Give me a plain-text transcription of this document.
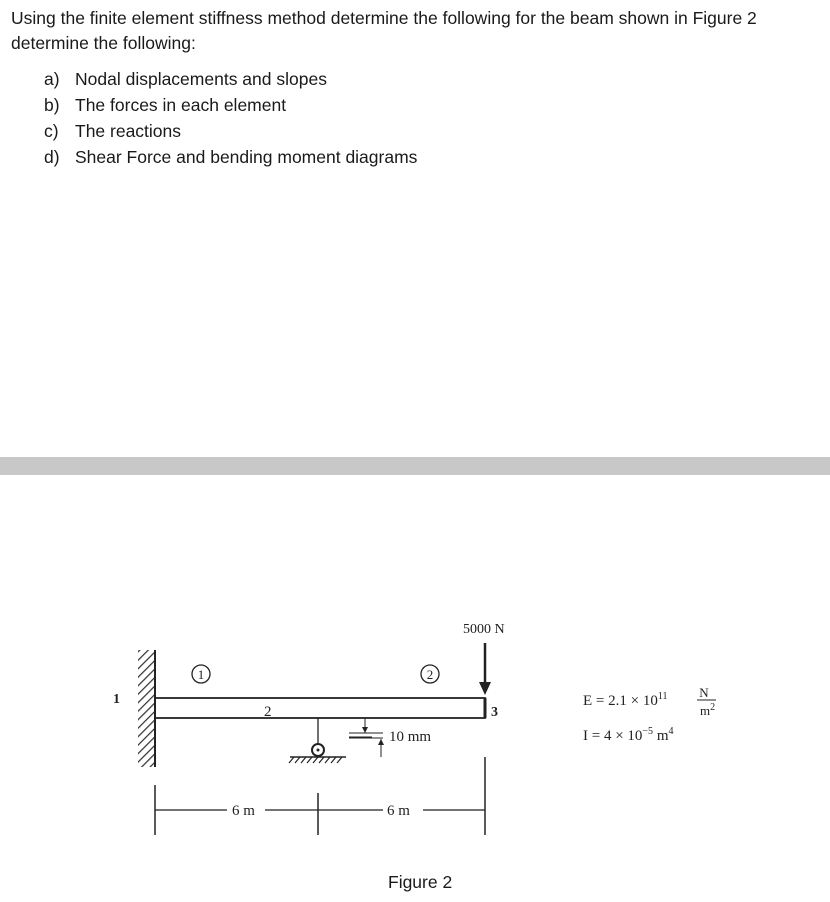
Using the finite element stiffness method determine the following for the beam shown in Figure 2 determine the following:

a) Nodal displacements and slopes
b) The forces in each element
c) The reactions
d) Shear Force and bending moment diagrams
1
1	2
2	3
5000 N
10 mm
6 m	6 m
$E = 2.1 \times 10^{11}$ N
$m^2$
$I = 4 \times 10^{-5}$ $m^4$
Figure 2
